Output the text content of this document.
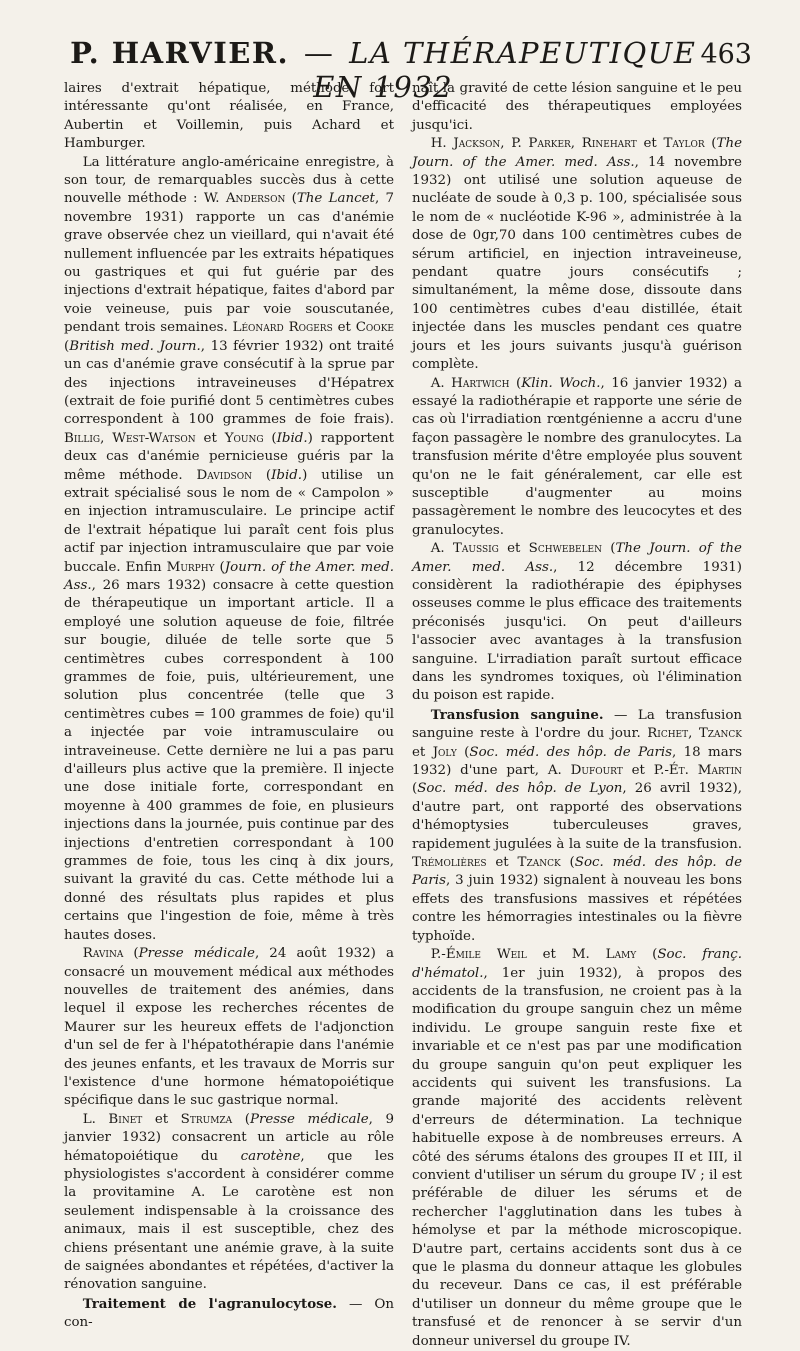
P. HARVIER. — LA THÉRAPEUTIQUE EN 1932
463

laires d'extrait hépatique, méthode fort intéressante qu'ont réalisée, en France, Aubertin et Voillemin, puis Achard et Hamburger.

La littérature anglo-américaine enregistre, à son tour, de remarquables succès dus à cette nouvelle méthode : W. Anderson (The Lancet, 7 novembre 1931) rapporte un cas d'anémie grave observée chez un vieillard, qui n'avait été nullement influencée par les extraits hépatiques ou gastriques et qui fut guérie par des injections d'extrait hépatique, faites d'abord par voie veineuse, puis par voie souscutanée, pendant trois semaines. Léonard Rogers et Cooke (British med. Journ., 13 février 1932) ont traité un cas d'anémie grave consécutif à la sprue par des injections intraveineuses d'Hépatrex (extrait de foie purifié dont 5 centimètres cubes correspondent à 100 grammes de foie frais). Billig, West-Watson et Young (Ibid.) rapportent deux cas d'anémie pernicieuse guéris par la même méthode. Davidson (Ibid.) utilise un extrait spécialisé sous le nom de « Campolon » en injection intramusculaire. Le principe actif de l'extrait hépatique lui paraît cent fois plus actif par injection intramusculaire que par voie buccale. Enfin Murphy (Journ. of the Amer. med. Ass., 26 mars 1932) consacre à cette question de thérapeutique un important article. Il a employé une solution aqueuse de foie, filtrée sur bougie, diluée de telle sorte que 5 centimètres cubes correspondent à 100 grammes de foie, puis, ultérieurement, une solution plus concentrée (telle que 3 centimètres cubes = 100 grammes de foie) qu'il a injectée par voie intramusculaire ou intraveineuse. Cette dernière ne lui a pas paru d'ailleurs plus active que la première. Il injecte une dose initiale forte, correspondant en moyenne à 400 grammes de foie, en plusieurs injections dans la journée, puis continue par des injections d'entretien correspondant à 100 grammes de foie, tous les cinq à dix jours, suivant la gravité du cas. Cette méthode lui a donné des résultats plus rapides et plus certains que l'ingestion de foie, même à très hautes doses.

Ravina (Presse médicale, 24 août 1932) a consacré un mouvement médical aux méthodes nouvelles de traitement des anémies, dans lequel il expose les recherches récentes de Maurer sur les heureux effets de l'adjonction d'un sel de fer à l'hépatothérapie dans l'anémie des jeunes enfants, et les travaux de Morris sur l'existence d'une hormone hématopoiétique spécifique dans le suc gastrique normal.

L. Binet et Strumza (Presse médicale, 9 janvier 1932) consacrent un article au rôle hématopoiétique du carotène, que les physiologistes s'accordent à considérer comme la provitamine A. Le carotène est non seulement indispensable à la croissance des animaux, mais il est susceptible, chez des chiens présentant une anémie grave, à la suite de saignées abondantes et répétées, d'activer la rénovation sanguine.

Traitement de l'agranulocytose. — On con-

naît la gravité de cette lésion sanguine et le peu d'efficacité des thérapeutiques employées jusqu'ici.

H. Jackson, P. Parker, Rinehart et Taylor (The Journ. of the Amer. med. Ass., 14 novembre 1932) ont utilisé une solution aqueuse de nucléate de soude à 0,3 p. 100, spécialisée sous le nom de « nucléotide K-96 », administrée à la dose de 0gr,70 dans 100 centimètres cubes de sérum artificiel, en injection intraveineuse, pendant quatre jours consécutifs ; simultanément, la même dose, dissoute dans 100 centimètres cubes d'eau distillée, était injectée dans les muscles pendant ces quatre jours et les jours suivants jusqu'à guérison complète.

A. Hartwich (Klin. Woch., 16 janvier 1932) a essayé la radiothérapie et rapporte une série de cas où l'irradiation rœntgénienne a accru d'une façon passagère le nombre des granulocytes. La transfusion mérite d'être employée plus souvent qu'on ne le fait généralement, car elle est susceptible d'augmenter au moins passagèrement le nombre des leucocytes et des granulocytes.

A. Taussig et Schwebelen (The Journ. of the Amer. med. Ass., 12 décembre 1931) considèrent la radiothérapie des épiphyses osseuses comme le plus efficace des traitements préconisés jusqu'ici. On peut d'ailleurs l'associer avec avantages à la transfusion sanguine. L'irradiation paraît surtout efficace dans les syndromes toxiques, où l'élimination du poison est rapide.

Transfusion sanguine. — La transfusion sanguine reste à l'ordre du jour. Richet, Tzanck et Joly (Soc. méd. des hôp. de Paris, 18 mars 1932) d'une part, A. Dufourt et P.-Ét. Martin (Soc. méd. des hôp. de Lyon, 26 avril 1932), d'autre part, ont rapporté des observations d'hémoptysies tuberculeuses graves, rapidement jugulées à la suite de la transfusion. Trémolières et Tzanck (Soc. méd. des hôp. de Paris, 3 juin 1932) signalent à nouveau les bons effets des transfusions massives et répétées contre les hémorragies intestinales ou la fièvre typhoïde.

P.-Émile Weil et M. Lamy (Soc. franç. d'hématol., 1er juin 1932), à propos des accidents de la transfusion, ne croient pas à la modification du groupe sanguin chez un même individu. Le groupe sanguin reste fixe et invariable et ce n'est pas par une modification du groupe sanguin qu'on peut expliquer les accidents qui suivent les transfusions. La grande majorité des accidents relèvent d'erreurs de détermination. La technique habituelle expose à de nombreuses erreurs. A côté des sérums étalons des groupes II et III, il convient d'utiliser un sérum du groupe IV ; il est préférable de diluer les sérums et de rechercher l'agglutination dans les tubes à hémolyse et par la méthode microscopique. D'autre part, certains accidents sont dus à ce que le plasma du donneur attaque les globules du receveur. Dans ce cas, il est préférable d'utiliser un donneur du même groupe que le transfusé et de renoncer à se servir d'un donneur universel du groupe IV.
